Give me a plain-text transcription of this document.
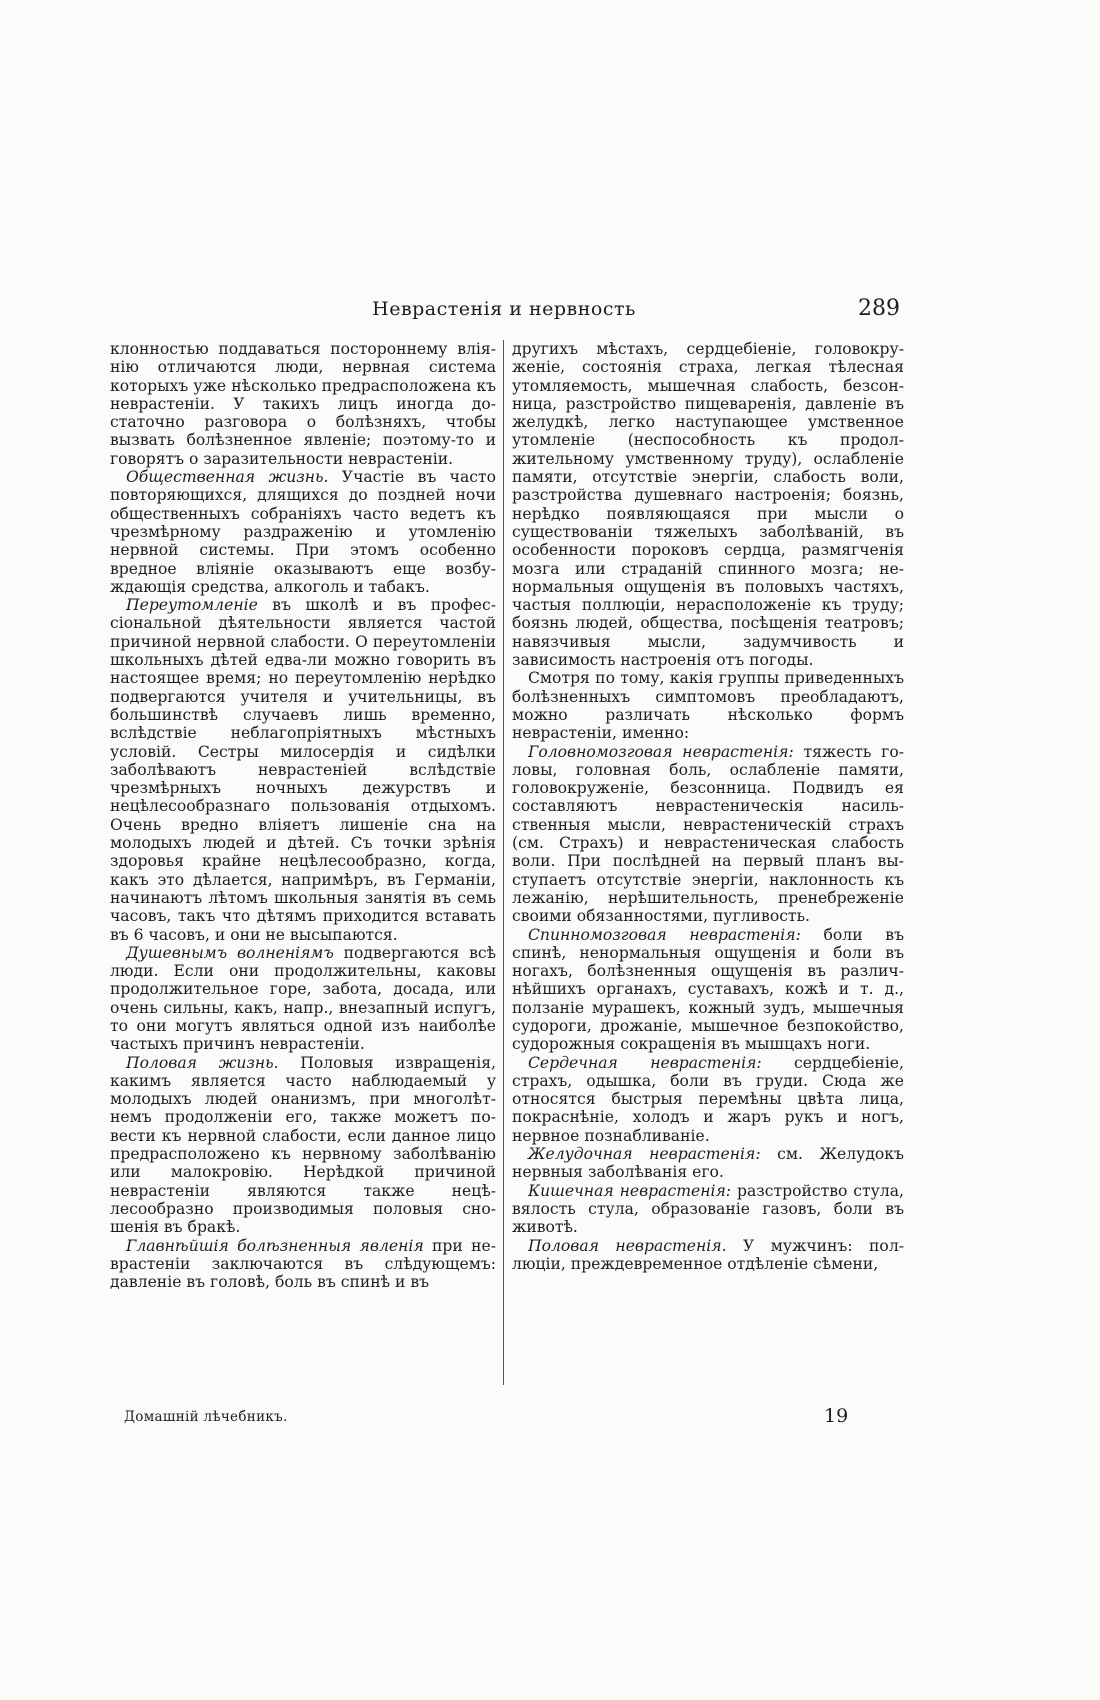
Неврастенія и нервность	289

клонностью поддаваться постороннему вліянію отличаются люди, нервная система которыхъ уже нѣсколько предрасположена къ неврастеніи. У такихъ лицъ иногда достаточно разговора о болѣзняхъ, чтобы вызвать болѣзненное явленіе; поэтому-то и говорятъ о заразительности неврастеніи.

Общественная жизнь. Участіе въ часто повторяющихся, длящихся до поздней ночи общественныхъ собраніяхъ часто ведетъ къ чрезмѣрному раздраженію и утомленію нервной системы. При этомъ особенно вредное вліяніе оказываютъ еще возбуждающія средства, алкоголь и табакъ.

Переутомленіе въ школѣ и въ профессіональной дѣятельности является частой причиной нервной слабости. О переутомленіи школьныхъ дѣтей едва-ли можно говорить въ настоящее время; но переутомленію нерѣдко подвергаются учителя и учительницы, въ большинствѣ случаевъ лишь временно, вслѣдствіе неблагопріятныхъ мѣстныхъ условій. Сестры милосердія и сидѣлки заболѣваютъ неврастеніей вслѣдствіе чрезмѣрныхъ ночныхъ дежурствъ и нецѣлесообразнаго пользованія отдыхомъ. Очень вредно вліяетъ лишеніе сна на молодыхъ людей и дѣтей. Съ точки зрѣнія здоровья крайне нецѣлесообразно, когда, какъ это дѣлается, напримѣръ, въ Германіи, начинаютъ лѣтомъ школьныя занятія въ семь часовъ, такъ что дѣтямъ приходится вставать въ 6 часовъ, и они не высыпаются.

Душевнымъ волненіямъ подвергаются всѣ люди. Если они продолжительны, каковы продолжительное горе, забота, досада, или очень сильны, какъ, напр., внезапный испугъ, то они могутъ являться одной изъ наиболѣе частыхъ причинъ неврастеніи.

Половая жизнь. Половыя извращенія, какимъ является часто наблюдаемый у молодыхъ людей онанизмъ, при многолѣтнемъ продолженіи его, также можетъ повести къ нервной слабости, если данное лицо предрасположено къ нервному заболѣванію или малокровію. Нерѣдкой причиной неврастеніи являются также нецѣлесообразно производимыя половыя сношенія въ бракѣ.

Главнѣйшія болѣзненныя явленія при неврастеніи заключаются въ слѣдующемъ: давленіе въ головѣ, боль въ спинѣ и въ

другихъ мѣстахъ, сердцебіеніе, головокруженіе, состоянія страха, легкая тѣлесная утомляемость, мышечная слабость, безсонница, разстройство пищеваренія, давленіе въ желудкѣ, легко наступающее умственное утомленіе (неспособность къ продолжительному умственному труду), ослабленіе памяти, отсутствіе энергіи, слабость воли, разстройства душевнаго настроенія; боязнь, нерѣдко появляющаяся при мысли о существованіи тяжелыхъ заболѣваній, въ особенности пороковъ сердца, размягченія мозга или страданій спинного мозга; ненормальныя ощущенія въ половыхъ частяхъ, частыя поллюціи, нерасположеніе къ труду; боязнь людей, общества, посѣщенія театровъ; навязчивыя мысли, задумчивость и зависимость настроенія отъ погоды.

Смотря по тому, какія группы приведенныхъ болѣзненныхъ симптомовъ преобладаютъ, можно различать нѣсколько формъ неврастеніи, именно:

Головномозговая неврастенія: тяжесть головы, головная боль, ослабленіе памяти, головокруженіе, безсонница. Подвидъ ея составляютъ неврастеническія насильственныя мысли, неврастеническій страхъ (см. Страхъ) и неврастеническая слабость воли. При послѣдней на первый планъ выступаетъ отсутствіе энергіи, наклонность къ лежанію, нерѣшительность, пренебреженіе своими обязанностями, пугливость.

Спинномозговая неврастенія: боли въ спинѣ, ненормальныя ощущенія и боли въ ногахъ, болѣзненныя ощущенія въ различнѣйшихъ органахъ, суставахъ, кожѣ и т. д., ползаніе мурашекъ, кожный зудъ, мышечныя судороги, дрожаніе, мышечное безпокойство, судорожныя сокращенія въ мышцахъ ноги.

Сердечная неврастенія: сердцебіеніе, страхъ, одышка, боли въ груди. Сюда же относятся быстрыя перемѣны цвѣта лица, покраснѣніе, холодъ и жаръ рукъ и ногъ, нервное познабливаніе.

Желудочная неврастенія: см. Желудокъ нервныя заболѣванія его.

Кишечная неврастенія: разстройство стула, вялость стула, образованіе газовъ, боли въ животѣ.

Половая неврастенія. У мужчинъ: поллюціи, преждевременное отдѣленіе сѣмени,

Домашній лѣчебникъ.	19
